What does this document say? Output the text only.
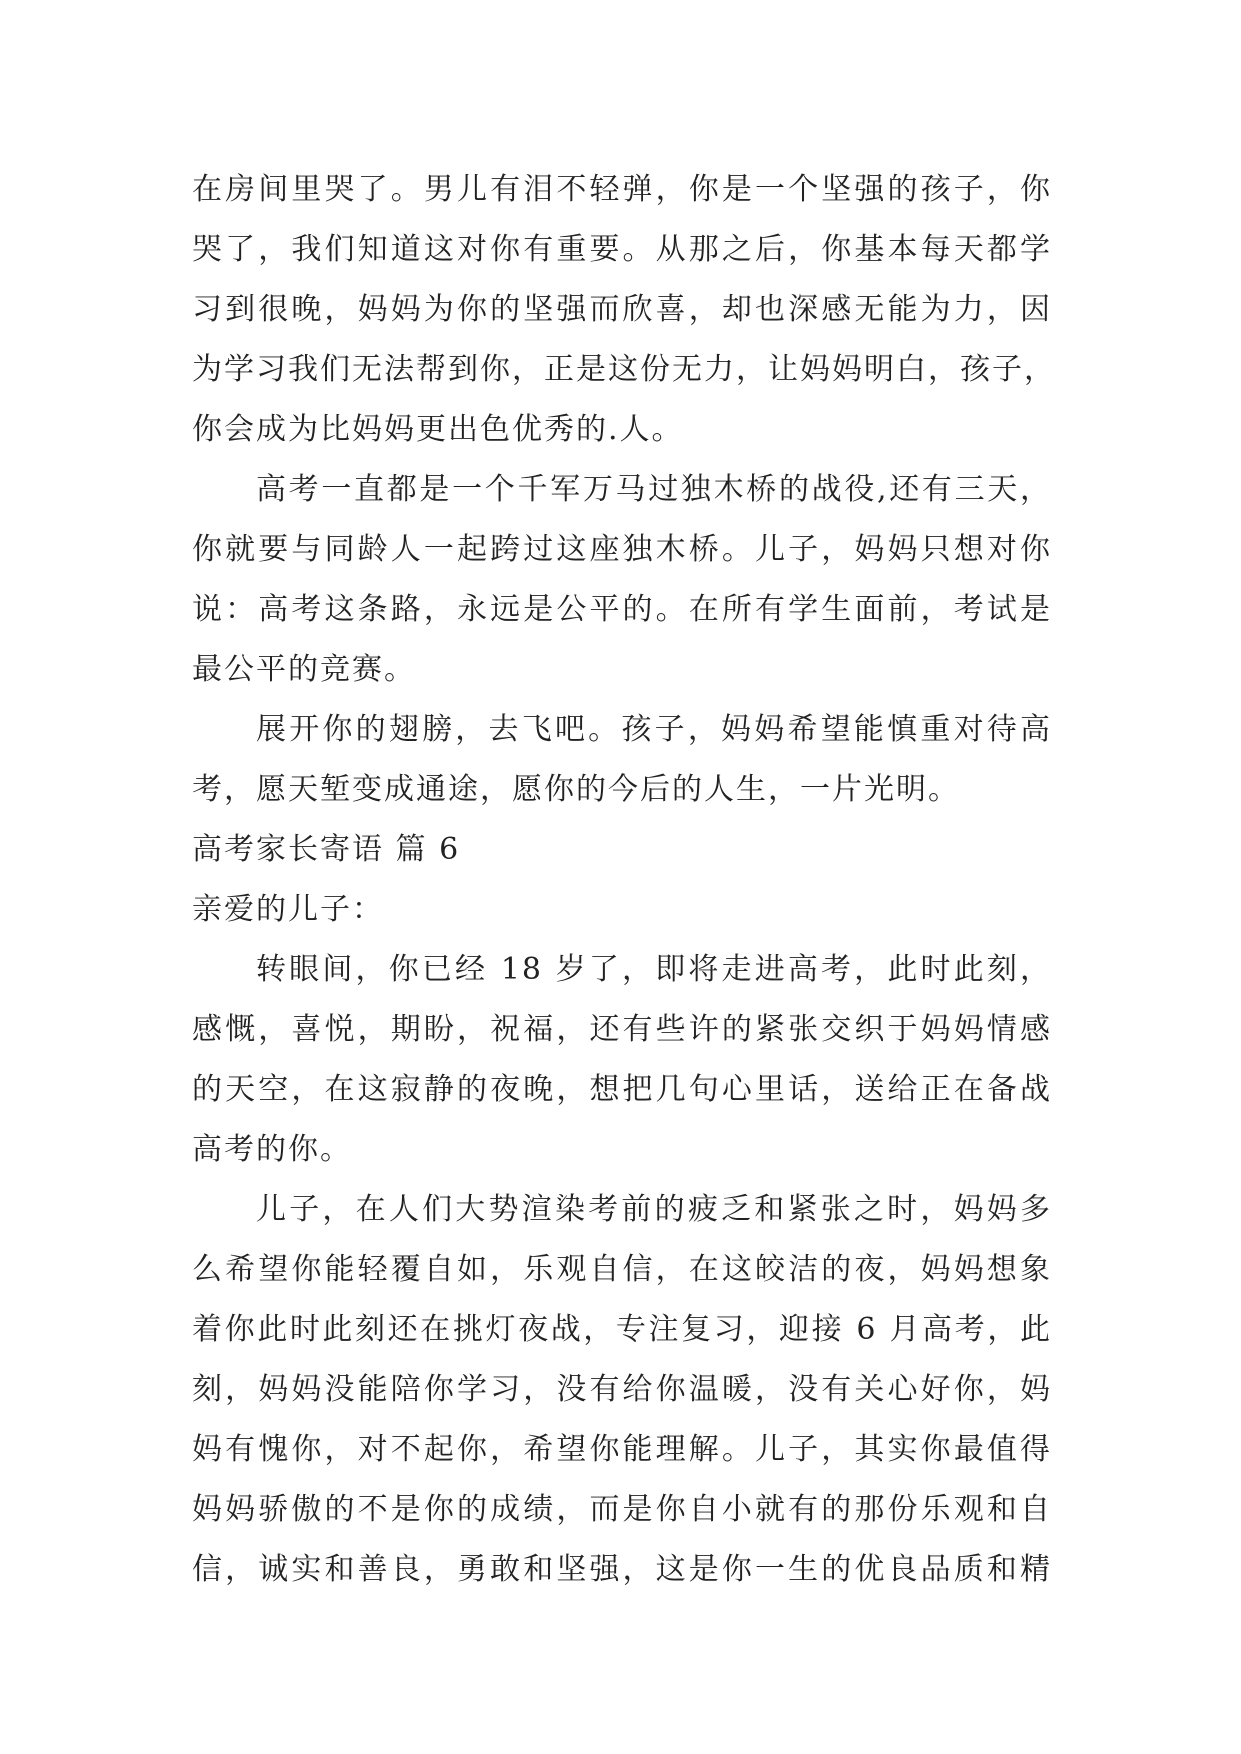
在房间里哭了。男儿有泪不轻弹，你是一个坚强的孩子，你
哭了，我们知道这对你有重要。从那之后，你基本每天都学
习到很晚，妈妈为你的坚强而欣喜，却也深感无能为力，因
为学习我们无法帮到你，正是这份无力，让妈妈明白，孩子，
你会成为比妈妈更出色优秀的.人。
高考一直都是一个千军万马过独木桥的战役,还有三天，
你就要与同龄人一起跨过这座独木桥。儿子，妈妈只想对你
说：高考这条路，永远是公平的。在所有学生面前，考试是
最公平的竞赛。
展开你的翅膀，去飞吧。孩子，妈妈希望能慎重对待高
考，愿天堑变成通途，愿你的今后的人生，一片光明。
高考家长寄语 篇 6
亲爱的儿子：
转眼间，你已经 18 岁了，即将走进高考，此时此刻，
感慨，喜悦，期盼，祝福，还有些许的紧张交织于妈妈情感
的天空，在这寂静的夜晚，想把几句心里话，送给正在备战
高考的你。
儿子，在人们大势渲染考前的疲乏和紧张之时，妈妈多
么希望你能轻覆自如，乐观自信，在这皎洁的夜，妈妈想象
着你此时此刻还在挑灯夜战，专注复习，迎接 6 月高考，此
刻，妈妈没能陪你学习，没有给你温暖，没有关心好你，妈
妈有愧你，对不起你，希望你能理解。儿子，其实你最值得
妈妈骄傲的不是你的成绩，而是你自小就有的那份乐观和自
信，诚实和善良，勇敢和坚强，这是你一生的优良品质和精
